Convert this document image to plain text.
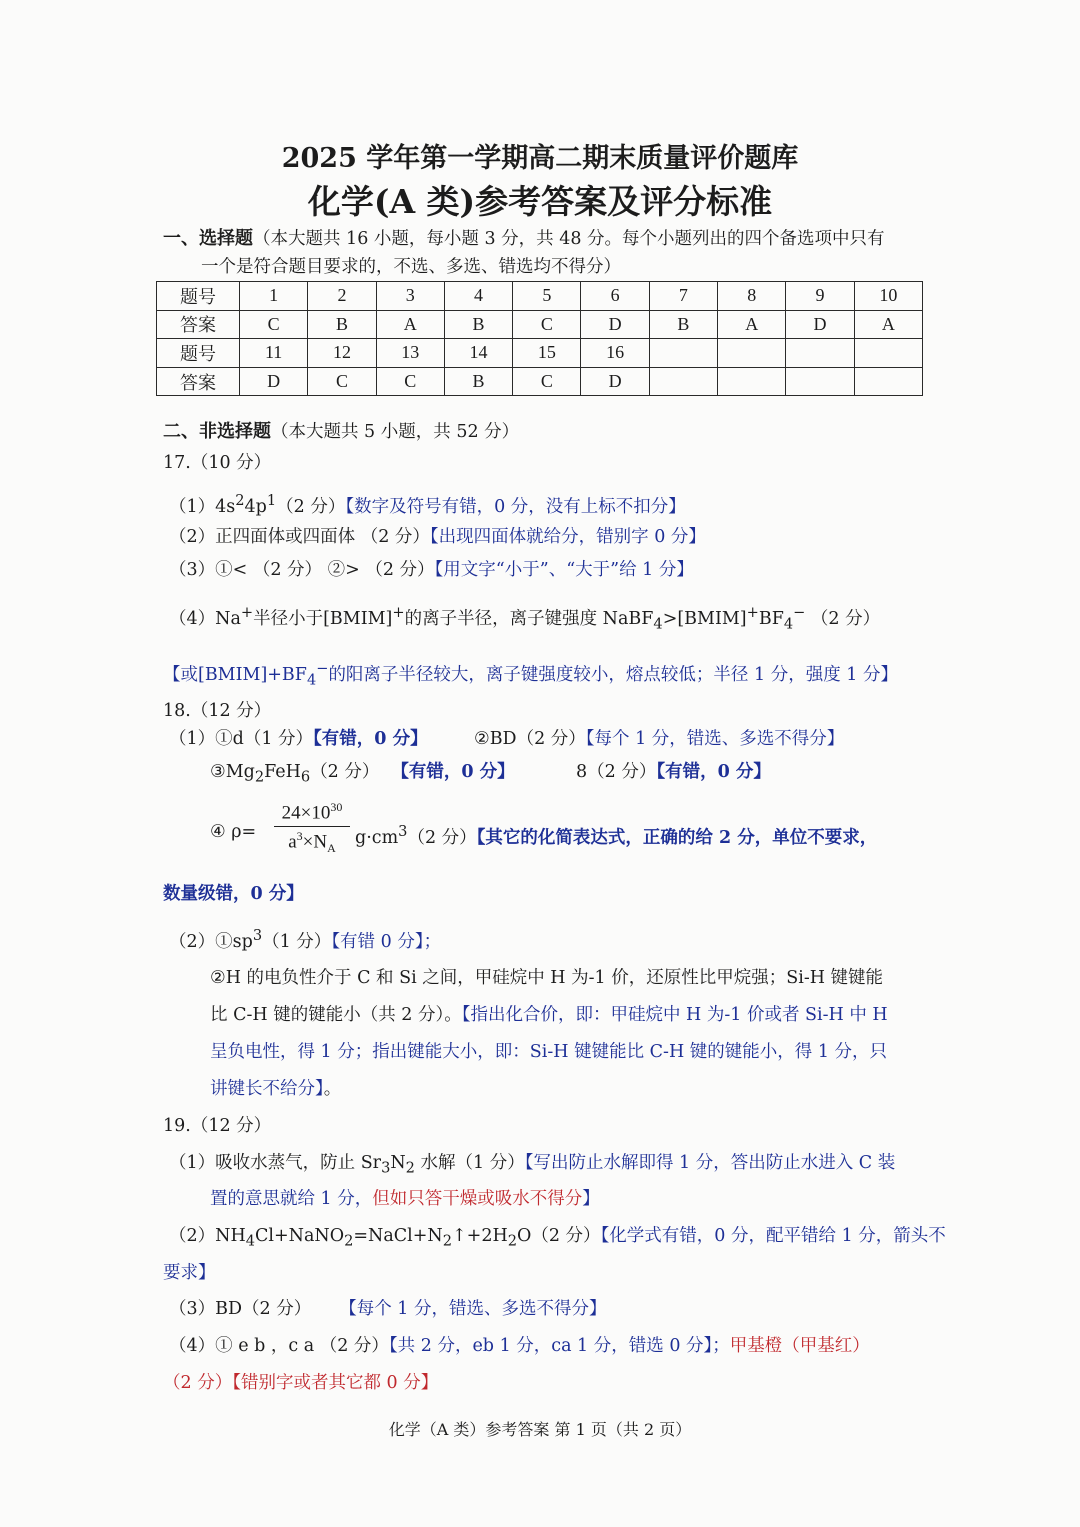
2025 学年第一学期高二期末质量评价题库
化学(A 类)参考答案及评分标准
一、选择题（本大题共 16 小题，每小题 3 分，共 48 分。每个小题列出的四个备选项中只有
一个是符合题目要求的，不选、多选、错选均不得分）
题号	1	2	3	4	5	6	7	8	9	10
答案	C	B	A	B	C	D	B	A	D	A
题号	11	12	13	14	15	16				
答案	D	C	C	B	C	D				
二、非选择题（本大题共 5 小题，共 52 分）
17.（10 分）
$(1)4s^24p^1(2$ 分）【数字及符号有错，0 分，没有上标不扣分】
（2）正四面体或四面体 （2 分）【出现四面体就给分，错别字 0 分】
（3）①< （2 分） ②> （2 分）【用文字“小于”、“大于”给 1 分】
（4）Na+半径小于[BMIM]+的离子半径，离子键强度 $NaBF_4>[BMIM]^+BF_4^-$ （2 分）
【或$[BMIM]+BF_4^-$的阳离子半径较大，离子键强度较小，熔点较低；半径 1 分，强度 1 分】
18.（12 分）
（1）①d（1 分）【有错，0 分】	②BD（2 分）【每个 1 分，错选、多选不得分】
$③Mg_2FeH_6(2$ 分） 【有错，0 分】	8（2 分）【有错，0 分】
④ $\rho= \frac{24\times 10^{30}}{a^3\times N_A} g\cdot cm^3(2$ 分）【其它的化简表达式，正确的给 2 分，单位不要求，
数量级错，0 分】
$(2)①sp^3(1$ 分）【有错 0 分】；
②H 的电负性介于 C 和 Si 之间，甲硅烷中 H 为-1 价，还原性比甲烷强；Si-H 键键能
比 C-H 键的键能小（共 2 分）。【指出化合价，即：甲硅烷中 H 为-1 价或者 Si-H 中 H
呈负电性，得 1 分；指出键能大小，即：Si-H 键键能比 C-H 键的键能小，得 1 分，只
讲键长不给分】。
19.（12 分）
（1）吸收水蒸气，防止 $Sr_3N_2$ 水解（1 分）【写出防止水解即得 1 分，答出防止水进入 C 装
置的意思就给 1 分，但如只答干燥或吸水不得分】
$(2)NH_4Cl+NaNO_2=NaCl+N_2↑+2H_2O(2$ 分）【化学式有错，0 分，配平错给 1 分，箭头不
要求】
（3）BD（2 分） 【每个 1 分，错选、多选不得分】
（4）① e b ，c a （2 分）【共 2 分，eb 1 分，ca 1 分，错选 0 分】；甲基橙（甲基红）
（2 分）【错别字或者其它都 0 分】
化学（A 类）参考答案 第 1 页（共 2 页）
